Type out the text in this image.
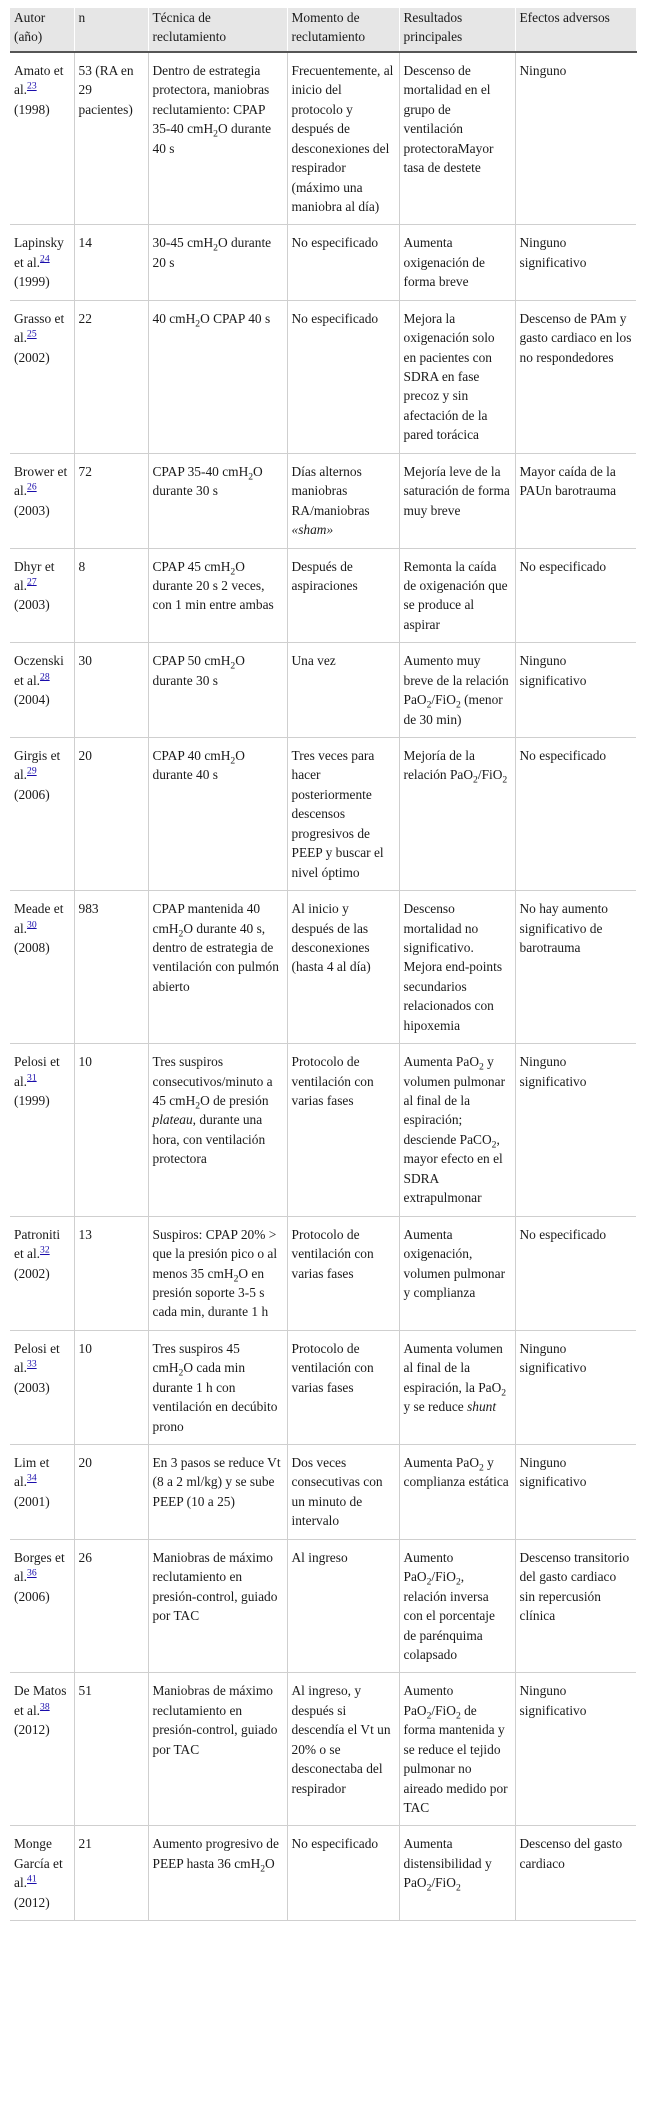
Autor (año)	n	Técnica de reclutamiento	Momento de reclutamiento	Resultados principales	Efectos adversos
Amato et al.$^{23}$ (1998)	53 (RA en 29 pacientes)	Dentro de estrategia protectora, maniobras reclutamiento: CPAP 35-40 cmH$_2$O durante 40 s	Frecuentemente, al inicio del protocolo y después de desconexiones del respirador (máximo una maniobra al día)	Descenso de mortalidad en el grupo de ventilación protectoraMayor tasa de destete	Ninguno
Lapinsky et al.$^{24}$ (1999)	14	30-45 cmH$_2$O durante 20 s	No especificado	Aumenta oxigenación de forma breve	Ninguno significativo
Grasso et al.$^{25}$ (2002)	22	40 cmH$_2$O CPAP 40 s	No especificado	Mejora la oxigenación solo en pacientes con SDRA en fase precoz y sin afectación de la pared torácica	Descenso de PAm y gasto cardiaco en los no respondedores
Brower et al.$^{26}$ (2003)	72	CPAP 35-40 cmH$_2$O durante 30 s	Días alternos maniobras RA/maniobras «sham»	Mejoría leve de la saturación de forma muy breve	Mayor caída de la PAUn barotrauma
Dhyr et al.$^{27}$ (2003)	8	CPAP 45 cmH$_2$O durante 20 s 2 veces, con 1 min entre ambas	Después de aspiraciones	Remonta la caída de oxigenación que se produce al aspirar	No especificado
Oczenski et al.$^{28}$ (2004)	30	CPAP 50 cmH$_2$O durante 30 s	Una vez	Aumento muy breve de la relación PaO$_2$/FiO$_2$ (menor de 30 min)	Ninguno significativo
Girgis et al.$^{29}$ (2006)	20	CPAP 40 cmH$_2$O durante 40 s	Tres veces para hacer posteriormente descensos progresivos de PEEP y buscar el nivel óptimo	Mejoría de la relación PaO$_2$/FiO$_2$	No especificado
Meade et al.$^{30}$ (2008)	983	CPAP mantenida 40 cmH$_2$O durante 40 s, dentro de estrategia de ventilación con pulmón abierto	Al inicio y después de las desconexiones (hasta 4 al día)	Descenso mortalidad no significativo. Mejora end-points secundarios relacionados con hipoxemia	No hay aumento significativo de barotrauma
Pelosi et al.$^{31}$ (1999)	10	Tres suspiros consecutivos/minuto a 45 cmH$_2$O de presión plateau, durante una hora, con ventilación protectora	Protocolo de ventilación con varias fases	Aumenta PaO$_2$ y volumen pulmonar al final de la espiración; desciende PaCO$_2$, mayor efecto en el SDRA extrapulmonar	Ninguno significativo
Patroniti et al.$^{32}$ (2002)	13	Suspiros: CPAP 20% > que la presión pico o al menos 35 cmH$_2$O en presión soporte 3-5 s cada min, durante 1 h	Protocolo de ventilación con varias fases	Aumenta oxigenación, volumen pulmonar y complianza	No especificado
Pelosi et al.$^{33}$ (2003)	10	Tres suspiros 45 cmH$_2$O cada min durante 1 h con ventilación en decúbito prono	Protocolo de ventilación con varias fases	Aumenta volumen al final de la espiración, la PaO$_2$ y se reduce shunt	Ninguno significativo
Lim et al.$^{34}$ (2001)	20	En 3 pasos se reduce Vt (8 a 2 ml/kg) y se sube PEEP (10 a 25)	Dos veces consecutivas con un minuto de intervalo	Aumenta PaO$_2$ y complianza estática	Ninguno significativo
Borges et al.$^{36}$ (2006)	26	Maniobras de máximo reclutamiento en presión-control, guiado por TAC	Al ingreso	Aumento PaO$_2$/FiO$_2$, relación inversa con el porcentaje de parénquima colapsado	Descenso transitorio del gasto cardiaco sin repercusión clínica
De Matos et al.$^{38}$ (2012)	51	Maniobras de máximo reclutamiento en presión-control, guiado por TAC	Al ingreso, y después si descendía el Vt un 20% o se desconectaba del respirador	Aumento PaO$_2$/FiO$_2$ de forma mantenida y se reduce el tejido pulmonar no aireado medido por TAC	Ninguno significativo
Monge García et al.$^{41}$ (2012)	21	Aumento progresivo de PEEP hasta 36 cmH$_2$O	No especificado	Aumenta distensibilidad y PaO$_2$/FiO$_2$	Descenso del gasto cardiaco
